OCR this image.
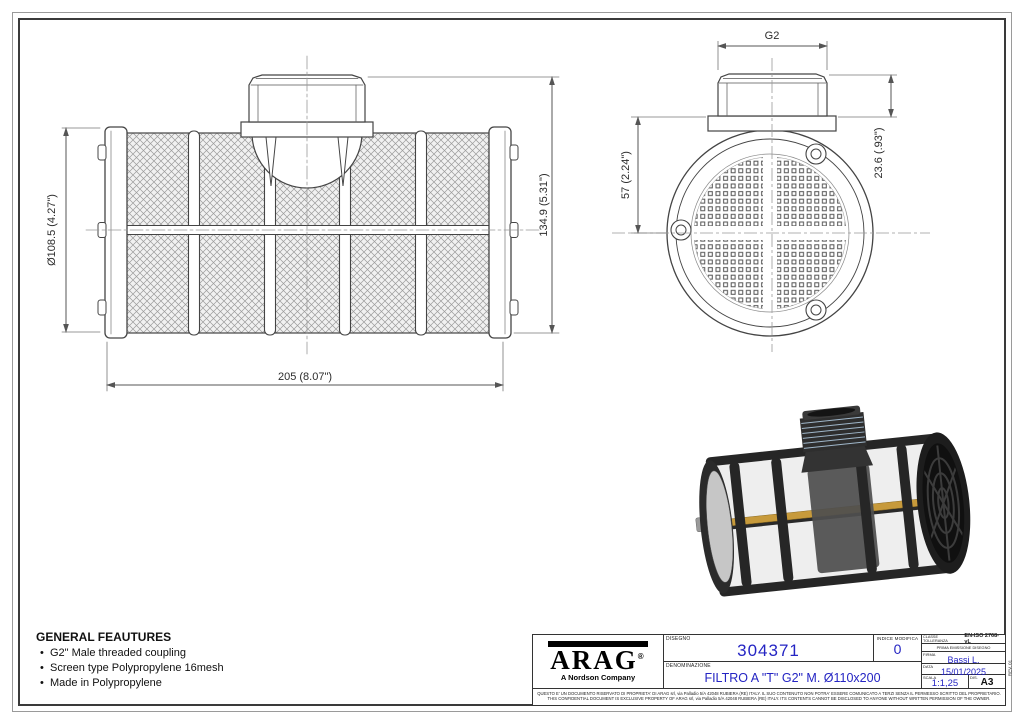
Ø108.5 (4.27")	134.9 (5.31")
205 (8.07")
G2
57 (2.24")	23.6 (.93")
GENERAL FEAUTURES
• G2" Male threaded coupling
• Screen type Polypropylene 16mesh
• Made in Polypropylene
ARAG®
A Nordson Company
DISEGNO
304371
INDICE MODIFICA
0
DENOMINAZIONE
FILTRO A "T" G2" M. Ø110x200
CLASSE TOLLERANZA
EN-ISO 2768-vL
PRIMA EMISSIONE DISEGNO
FIRMA
Bassi L.
DATA
15/01/2025
SCALA
1:1,25	DIS. A3
QUESTO E' UN DOCUMENTO RISERVATO DI PROPRIETA' DI ARAG srl, via Palladio 5/A 42048 RUBIERA (RE) ITALY. IL SUO CONTENUTO NON POTRA' ESSERE COMUNICATO A TERZI SENZA IL PERMESSO SCRITTO DEL PROPRIETARIO.
THIS CONFIDENTIAL DOCUMENT IS EXCLUSIVE PROPERTY OF ARAG srl, via Palladio 5/A 42048 RUBIERA (RE) ITALY. ITS CONTENTS CANNOT BE DISCLOSED TO ANYONE WITHOUT WRITTEN PERMISSION OF THE OWNER.
REV. 01
